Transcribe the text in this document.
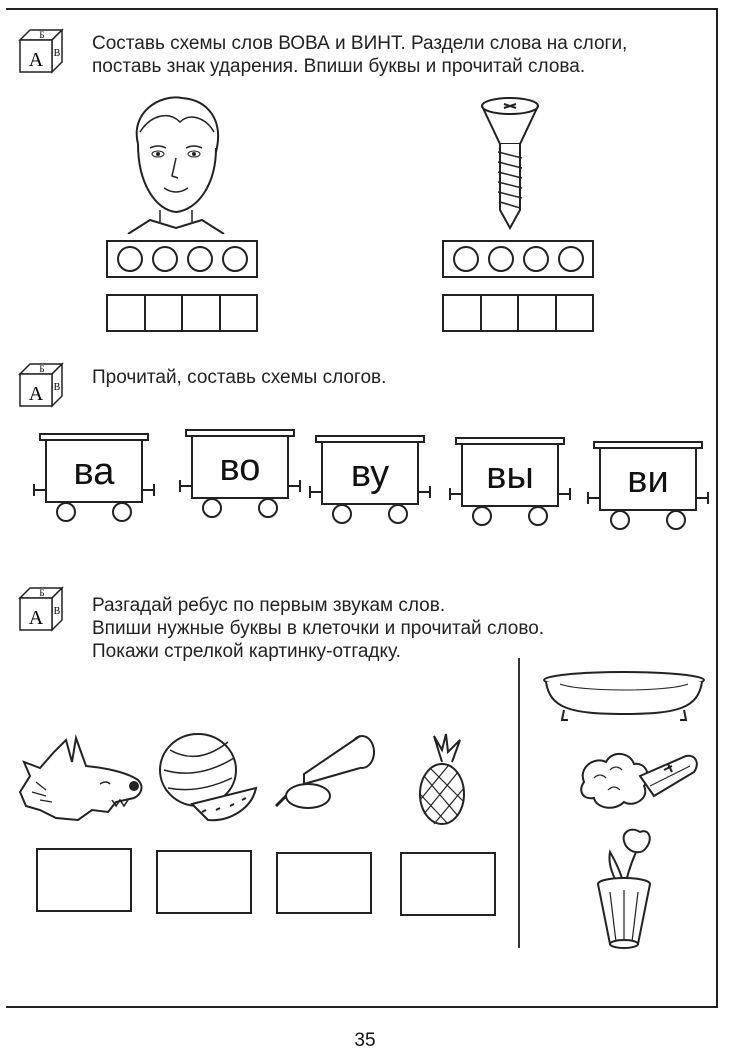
А
Б
В Составь схемы слов ВОВА и ВИНТ. Раздели слова на слоги,
поставь знак ударения. Впиши буквы и прочитай слова.
А
Б
В Прочитай, составь схемы слогов.
ва	во	ву	вы	ви
А
Б
В Разгадай ребус по первым звукам слов.
Впиши нужные буквы в клеточки и прочитай слово.
Покажи стрелкой картинку-отгадку.
35
